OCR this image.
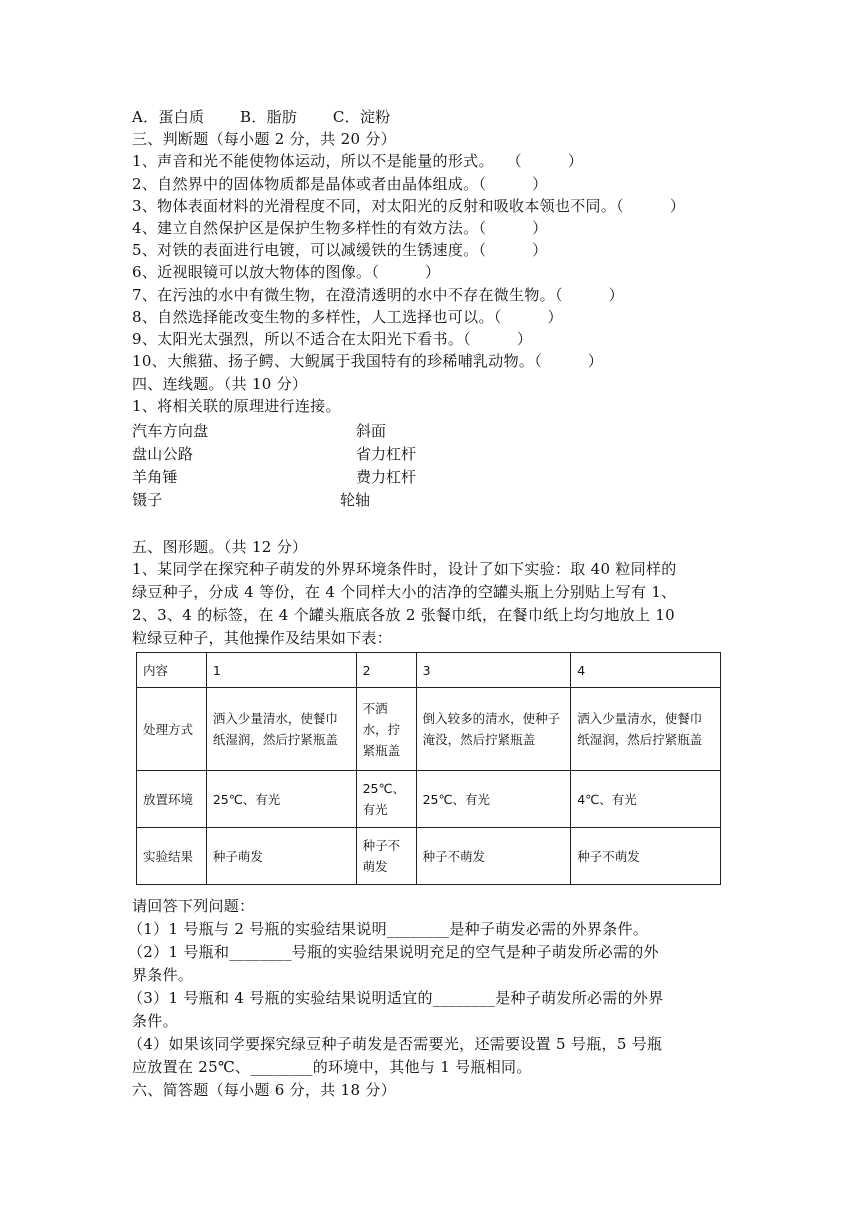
A．蛋白质　　 B．脂肪　　 C．淀粉
三、判断题（每小题 2 分，共 20 分）
1、声音和光不能使物体运动，所以不是能量的形式。　 （　　　）
2、自然界中的固体物质都是晶体或者由晶体组成。（　　　）
3、物体表面材料的光滑程度不同，对太阳光的反射和吸收本领也不同。（　　　）
4、建立自然保护区是保护生物多样性的有效方法。（　　　）
5、对铁的表面进行电镀，可以减缓铁的生锈速度。（　　　）
6、近视眼镜可以放大物体的图像。（　　　）
7、在污浊的水中有微生物，在澄清透明的水中不存在微生物。（　　　）
8、自然选择能改变生物的多样性，人工选择也可以。（　　　）
9、太阳光太强烈，所以不适合在太阳光下看书。（　　　）
10、大熊猫、扬子鳄、大鲵属于我国特有的珍稀哺乳动物。（　　　）
四、连线题。（共 10 分）
1、将相关联的原理进行连接。
汽车方向盘	斜面
盘山公路	省力杠杆
羊角锤	费力杠杆
镊子	轮轴
五、图形题。（共 12 分）
1、某同学在探究种子萌发的外界环境条件时，设计了如下实验：取 40 粒同样的
绿豆种子，分成 4 等份，在 4 个同样大小的洁净的空罐头瓶上分别贴上写有 1、
2、3、4 的标签，在 4 个罐头瓶底各放 2 张餐巾纸，在餐巾纸上均匀地放上 10
粒绿豆种子，其他操作及结果如下表：
内容	1	2	3	4
处理方式	洒入少量清水，使餐巾纸湿润，然后拧紧瓶盖	不洒水，拧紧瓶盖	倒入较多的清水，使种子淹没，然后拧紧瓶盖	洒入少量清水，使餐巾纸湿润，然后拧紧瓶盖
放置环境	25℃、有光	25℃、有光	25℃、有光	4℃、有光
实验结果	种子萌发	种子不萌发	种子不萌发	种子不萌发
请回答下列问题：
（1）1 号瓶与 2 号瓶的实验结果说明________是种子萌发必需的外界条件。
（2）1 号瓶和________号瓶的实验结果说明充足的空气是种子萌发所必需的外
界条件。
（3）1 号瓶和 4 号瓶的实验结果说明适宜的________是种子萌发所必需的外界
条件。
（4）如果该同学要探究绿豆种子萌发是否需要光，还需要设置 5 号瓶，5 号瓶
应放置在 25℃、________的环境中，其他与 1 号瓶相同。
六、简答题（每小题 6 分，共 18 分）
